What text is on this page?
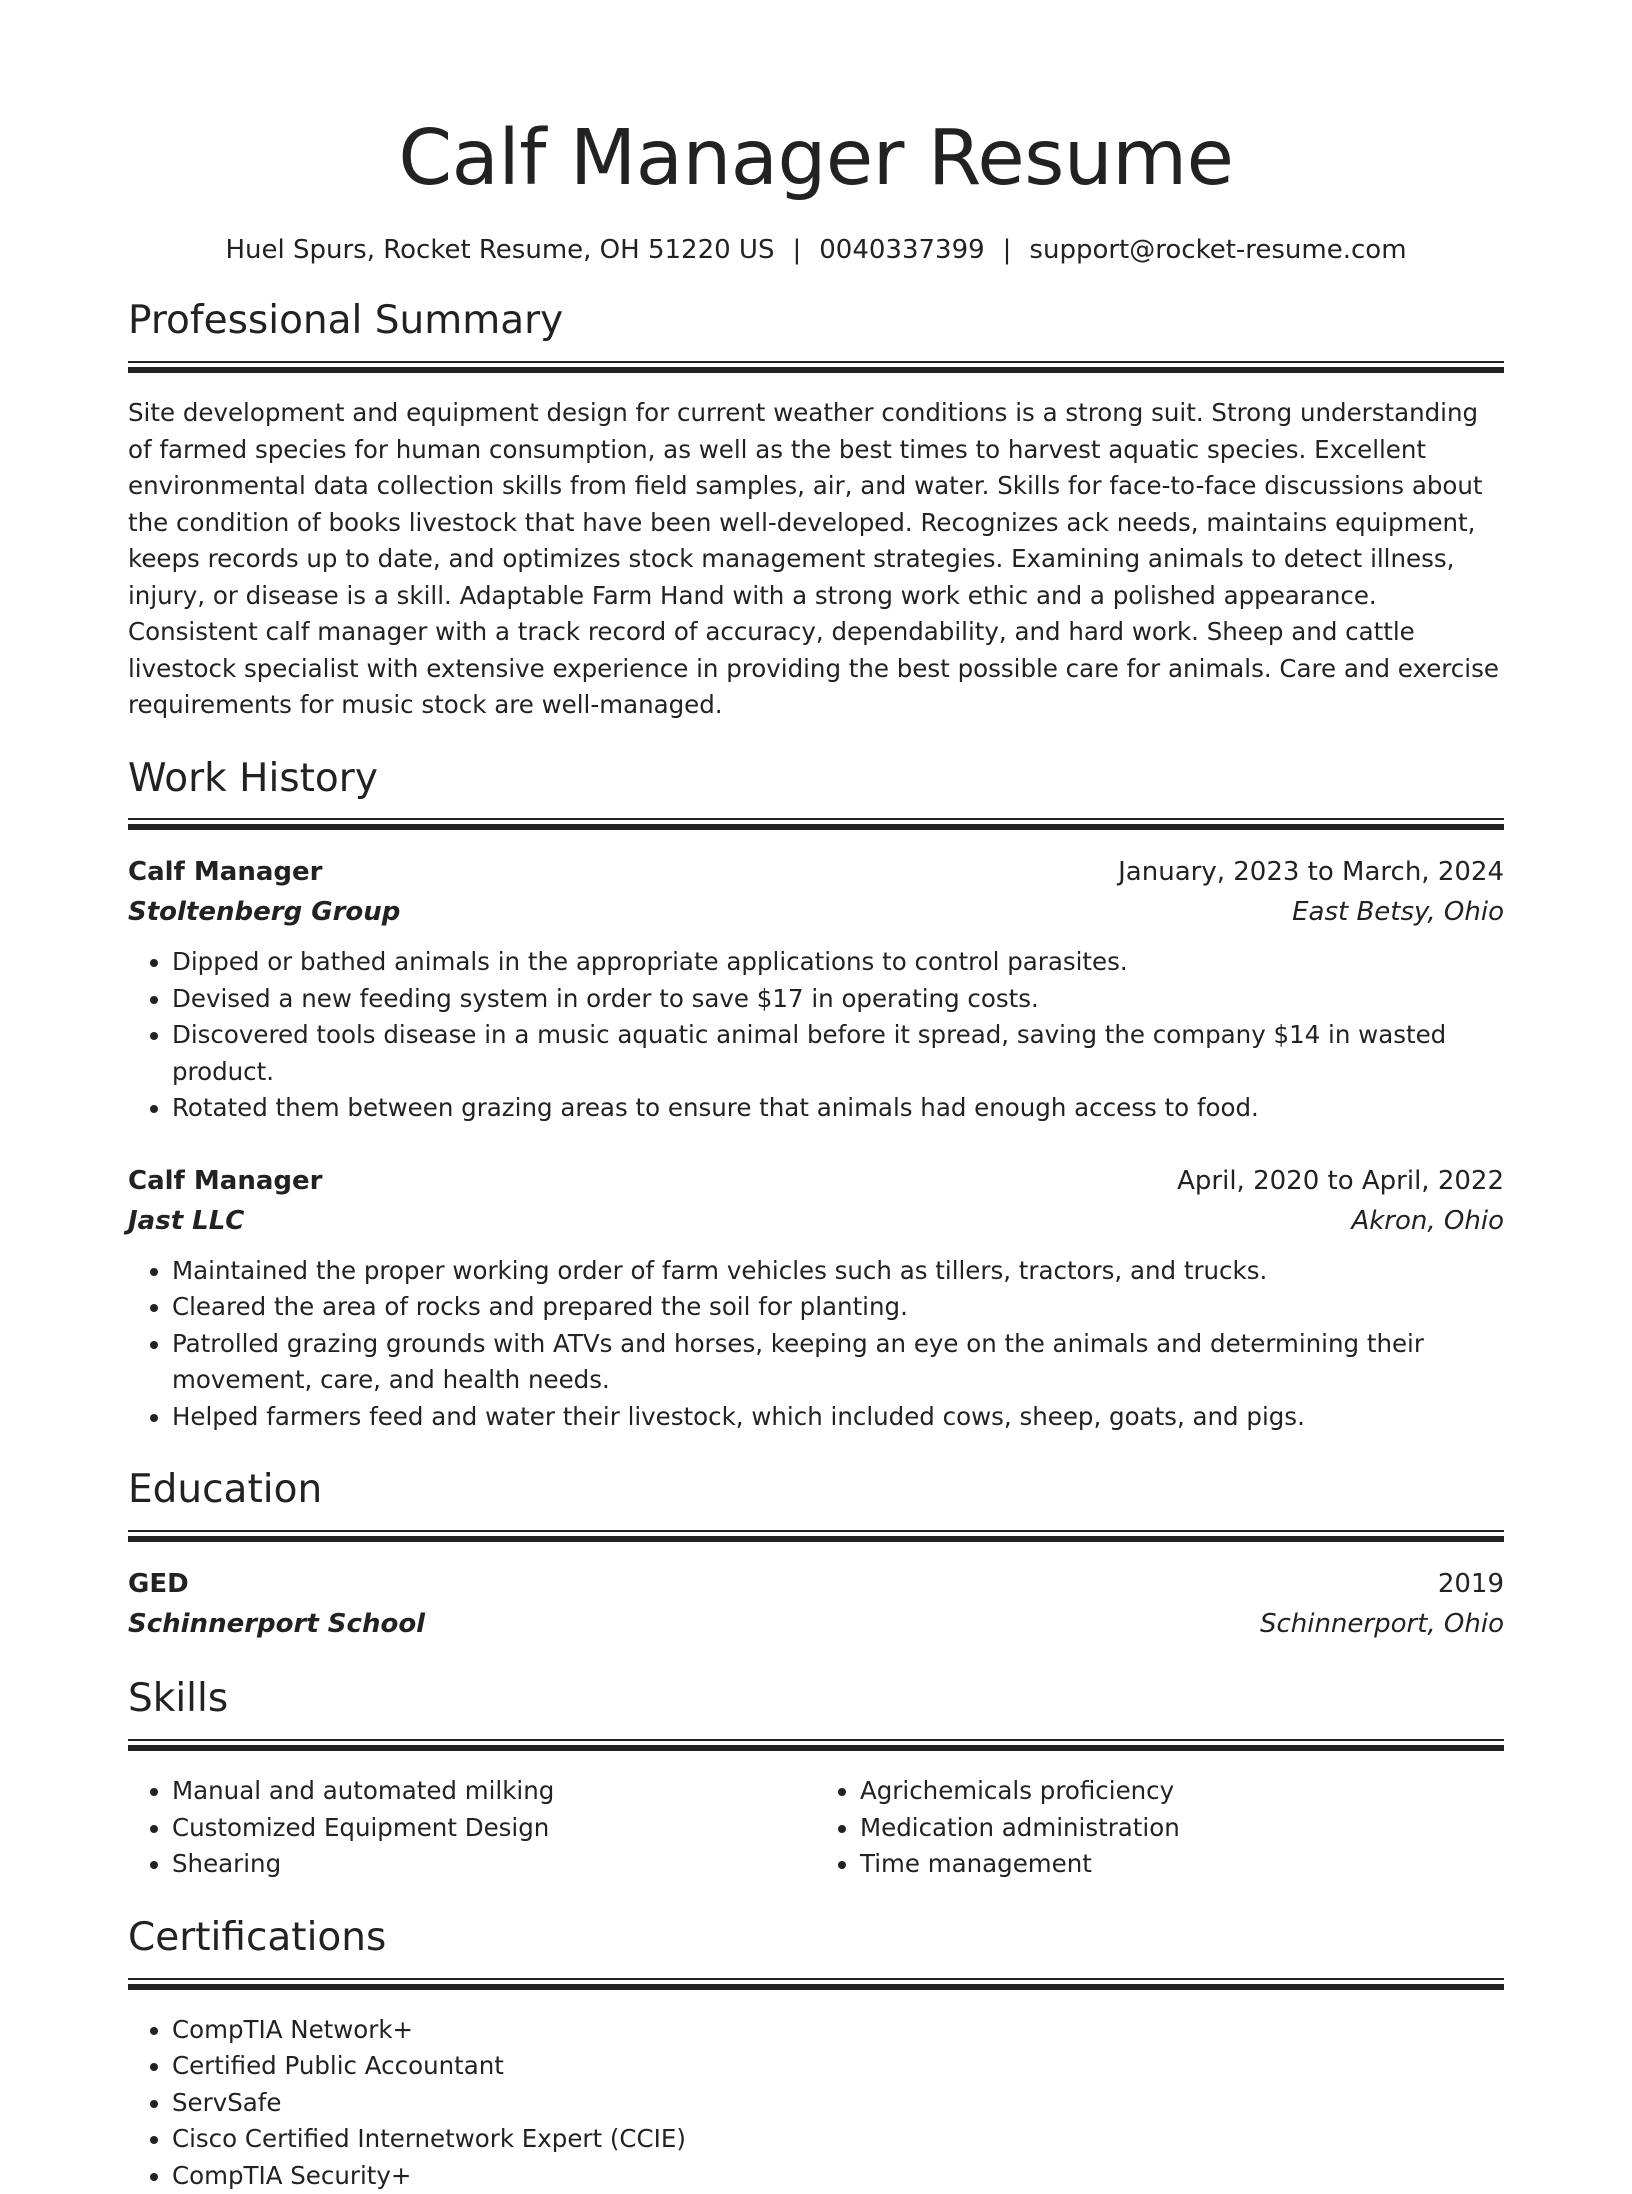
Calf Manager Resume
Huel Spurs, Rocket Resume, OH 51220 US | 0040337399 | support@rocket-resume.com
Professional Summary

Site development and equipment design for current weather conditions is a strong suit. Strong understanding of farmed species for human consumption, as well as the best times to harvest aquatic species. Excellent environmental data collection skills from field samples, air, and water. Skills for face-to-face discussions about the condition of books livestock that have been well-developed. Recognizes ack needs, maintains equipment, keeps records up to date, and optimizes stock management strategies. Examining animals to detect illness, injury, or disease is a skill. Adaptable Farm Hand with a strong work ethic and a polished appearance. Consistent calf manager with a track record of accuracy, dependability, and hard work. Sheep and cattle livestock specialist with extensive experience in providing the best possible care for animals. Care and exercise requirements for music stock are well-managed.

Work History
Calf Manager	January, 2023 to March, 2024
Stoltenberg Group	East Betsy, Ohio
• Dipped or bathed animals in the appropriate applications to control parasites.
• Devised a new feeding system in order to save $17 in operating costs.
• Discovered tools disease in a music aquatic animal before it spread, saving the company $14 in wasted product.
• Rotated them between grazing areas to ensure that animals had enough access to food.
Calf Manager	April, 2020 to April, 2022
Jast LLC	Akron, Ohio
• Maintained the proper working order of farm vehicles such as tillers, tractors, and trucks.
• Cleared the area of rocks and prepared the soil for planting.
• Patrolled grazing grounds with ATVs and horses, keeping an eye on the animals and determining their movement, care, and health needs.
• Helped farmers feed and water their livestock, which included cows, sheep, goats, and pigs.
Education
GED	2019
Schinnerport School	Schinnerport, Ohio
Skills
• Manual and automated milking
• Customized Equipment Design
• Shearing
• Agrichemicals proficiency
• Medication administration
• Time management
Certifications
• CompTIA Network+
• Certified Public Accountant
• ServSafe
• Cisco Certified Internetwork Expert (CCIE)
• CompTIA Security+
